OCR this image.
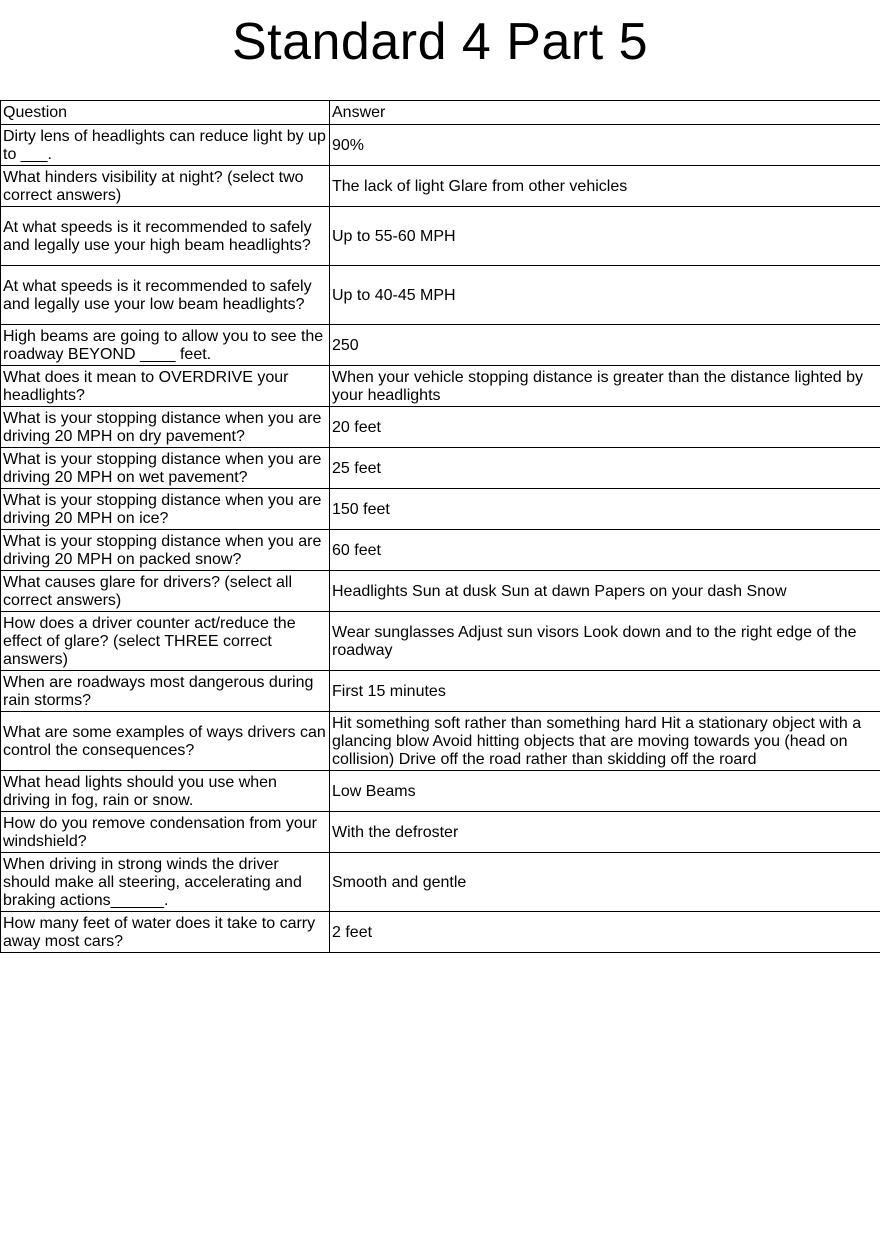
Standard 4 Part 5
Question	Answer
Dirty lens of headlights can reduce light by up to ___.	90%
What hinders visibility at night? (select two correct answers)	The lack of light Glare from other vehicles
At what speeds is it recommended to safely and legally use your high beam headlights?	Up to 55-60 MPH
At what speeds is it recommended to safely and legally use your low beam headlights?	Up to 40-45 MPH
High beams are going to allow you to see the roadway BEYOND ____ feet.	250
What does it mean to OVERDRIVE your headlights?	When your vehicle stopping distance is greater than the distance lighted by your headlights
What is your stopping distance when you are driving 20 MPH on dry pavement?	20 feet
What is your stopping distance when you are driving 20 MPH on wet pavement?	25 feet
What is your stopping distance when you are driving 20 MPH on ice?	150 feet
What is your stopping distance when you are driving 20 MPH on packed snow?	60 feet
What causes glare for drivers? (select all correct answers)	Headlights Sun at dusk Sun at dawn Papers on your dash Snow
How does a driver counter act/reduce the effect of glare? (select THREE correct answers)	Wear sunglasses Adjust sun visors Look down and to the right edge of the roadway
When are roadways most dangerous during rain storms?	First 15 minutes
What are some examples of ways drivers can control the consequences?	Hit something soft rather than something hard Hit a stationary object with a glancing blow Avoid hitting objects that are moving towards you (head on collision) Drive off the road rather than skidding off the roard
What head lights should you use when driving in fog, rain or snow.	Low Beams
How do you remove condensation from your windshield?	With the defroster
When driving in strong winds the driver should make all steering, accelerating and braking actions______.	Smooth and gentle
How many feet of water does it take to carry away most cars?	2 feet
